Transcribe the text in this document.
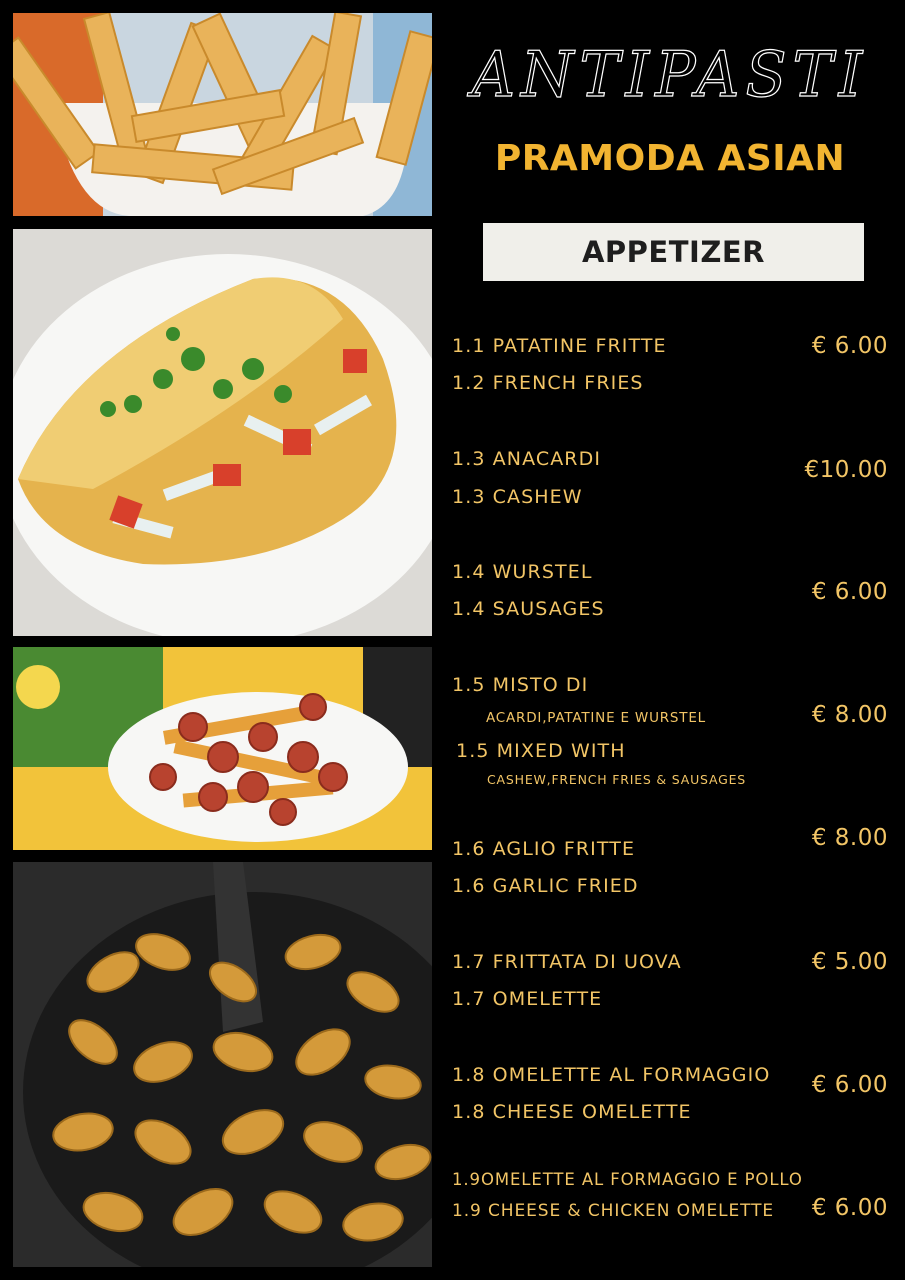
ANTIPASTI
PRAMODA ASIAN
APPETIZER
1.1 PATATINE FRITTE
1.2 FRENCH FRIES
€ 6.00
1.3 ANACARDI
1.3 CASHEW
€10.00
1.4 WURSTEL
1.4 SAUSAGES
€ 6.00
1.5 MISTO DI
ACARDI,PATATINE E WURSTEL
1.5 MIXED WITH
CASHEW,FRENCH FRIES & SAUSAGES
€ 8.00
1.6 AGLIO FRITTE
1.6 GARLIC FRIED
€ 8.00
1.7 FRITTATA DI UOVA
1.7 OMELETTE
€ 5.00
1.8 OMELETTE AL FORMAGGIO
1.8 CHEESE OMELETTE
€ 6.00
1.9OMELETTE AL FORMAGGIO E POLLO
1.9 CHEESE & CHICKEN OMELETTE € 6.00
